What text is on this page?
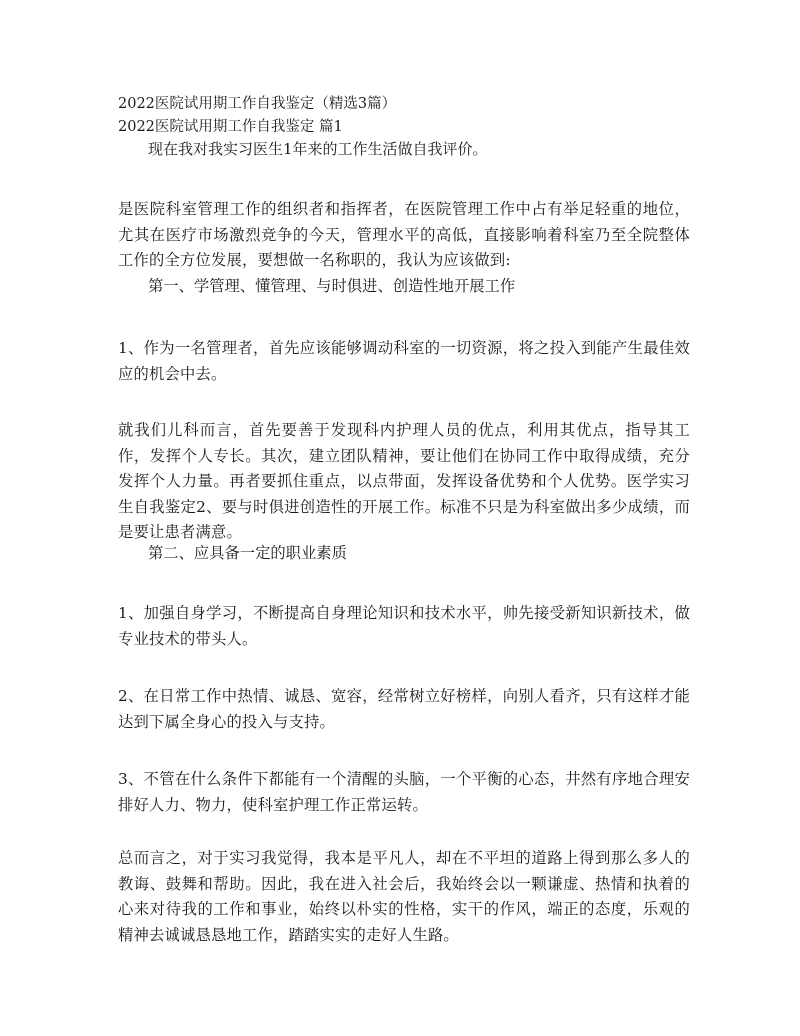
2022医院试用期工作自我鉴定（精选3篇）
2022医院试用期工作自我鉴定 篇1
现在我对我实习医生1年来的工作生活做自我评价。
是医院科室管理工作的组织者和指挥者，在医院管理工作中占有举足轻重的地位，尤其在医疗市场激烈竞争的今天，管理水平的高低，直接影响着科室乃至全院整体工作的全方位发展，要想做一名称职的，我认为应该做到:
第一、学管理、懂管理、与时俱进、创造性地开展工作
1、作为一名管理者，首先应该能够调动科室的一切资源，将之投入到能产生最佳效应的机会中去。
就我们儿科而言，首先要善于发现科内护理人员的优点，利用其优点，指导其工作，发挥个人专长。其次，建立团队精神，要让他们在协同工作中取得成绩，充分发挥个人力量。再者要抓住重点，以点带面，发挥设备优势和个人优势。医学实习生自我鉴定2、要与时俱进创造性的开展工作。标准不只是为科室做出多少成绩，而是要让患者满意。
第二、应具备一定的职业素质
1、加强自身学习，不断提高自身理论知识和技术水平，帅先接受新知识新技术，做专业技术的带头人。
2、在日常工作中热情、诚恳、宽容，经常树立好榜样，向别人看齐，只有这样才能达到下属全身心的投入与支持。
3、不管在什么条件下都能有一个清醒的头脑，一个平衡的心态，井然有序地合理安排好人力、物力，使科室护理工作正常运转。
总而言之，对于实习我觉得，我本是平凡人，却在不平坦的道路上得到那么多人的教诲、鼓舞和帮助。因此，我在进入社会后，我始终会以一颗谦虚、热情和执着的心来对待我的工作和事业，始终以朴实的性格，实干的作风，端正的态度，乐观的精神去诚诚恳恳地工作，踏踏实实的走好人生路。
